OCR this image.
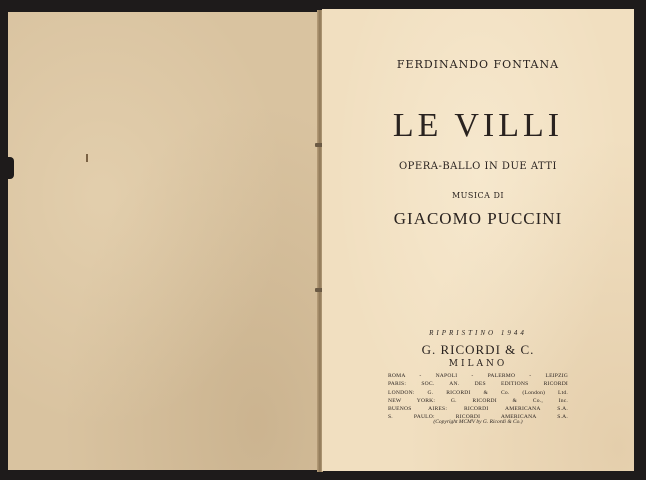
FERDINANDO FONTANA
LE VILLI
OPERA-BALLO IN DUE ATTI
MUSICA DI
GIACOMO PUCCINI
RIPRISTINO 1944
G. RICORDI & C.
MILANO
ROMA - NAPOLI - PALERMO - LEIPZIG
PARIS: SOC. AN. DES EDITIONS RICORDI
LONDON: G. RICORDI & Co. (London) Ltd.
NEW YORK: G. RICORDI & Co., Inc.
BUENOS AIRES: RICORDI AMERICANA S.A.
S. PAULO: RICORDI AMERICANA S.A.
(Copyright MCMV by G. Ricordi & Co.)
